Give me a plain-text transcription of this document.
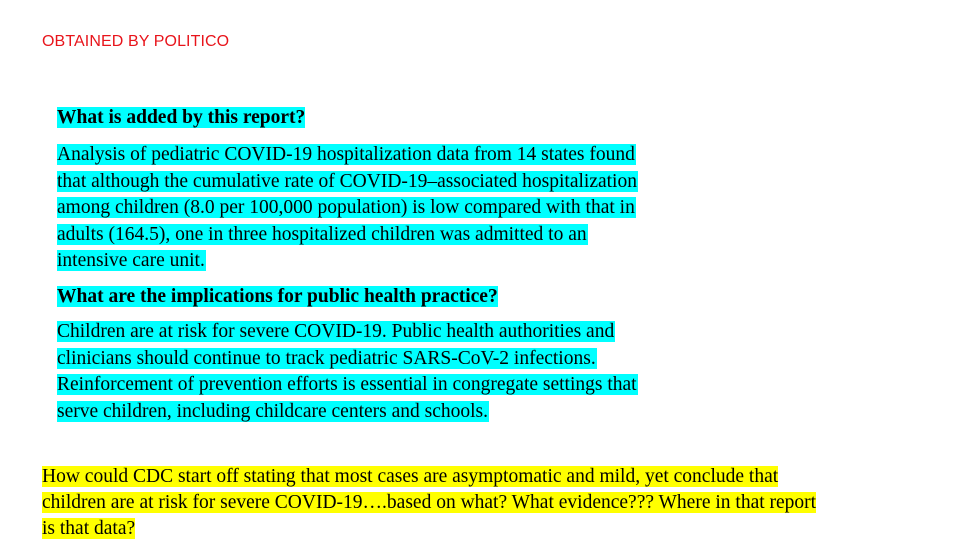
OBTAINED BY POLITICO
What is added by this report?
Analysis of pediatric COVID-19 hospitalization data from 14 states found
that although the cumulative rate of COVID-19–associated hospitalization
among children (8.0 per 100,000 population) is low compared with that in
adults (164.5), one in three hospitalized children was admitted to an
intensive care unit.
What are the implications for public health practice?
Children are at risk for severe COVID-19. Public health authorities and
clinicians should continue to track pediatric SARS-CoV-2 infections.
Reinforcement of prevention efforts is essential in congregate settings that
serve children, including childcare centers and schools.
How could CDC start off stating that most cases are asymptomatic and mild, yet conclude that
children are at risk for severe COVID-19….based on what? What evidence??? Where in that report
is that data?
